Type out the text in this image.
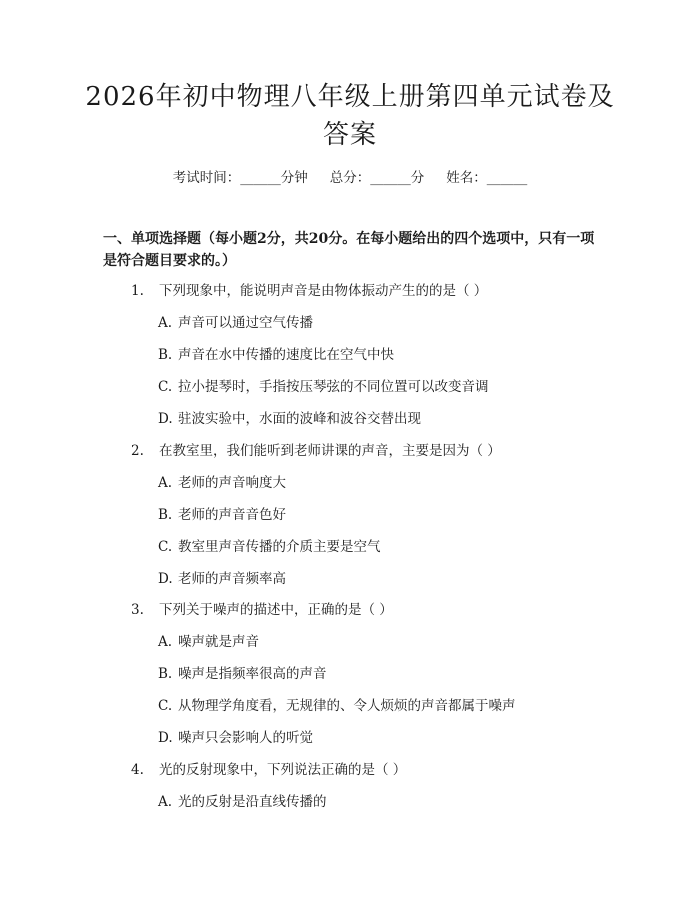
2026年初中物理八年级上册第四单元试卷及
答案
考试时间：______分钟 总分：______分 姓名：______
一、单项选择题（每小题2分，共20分。在每小题给出的四个选项中，只有一项是符合题目要求的。）
1. 下列现象中，能说明声音是由物体振动产生的的是（ ）
A. 声音可以通过空气传播
B. 声音在水中传播的速度比在空气中快
C. 拉小提琴时，手指按压琴弦的不同位置可以改变音调
D. 驻波实验中，水面的波峰和波谷交替出现
2. 在教室里，我们能听到老师讲课的声音，主要是因为（ ）
A. 老师的声音响度大
B. 老师的声音音色好
C. 教室里声音传播的介质主要是空气
D. 老师的声音频率高
3. 下列关于噪声的描述中，正确的是（ ）
A. 噪声就是声音
B. 噪声是指频率很高的声音
C. 从物理学角度看，无规律的、令人烦烦的声音都属于噪声
D. 噪声只会影响人的听觉
4. 光的反射现象中，下列说法正确的是（ ）
A. 光的反射是沿直线传播的
